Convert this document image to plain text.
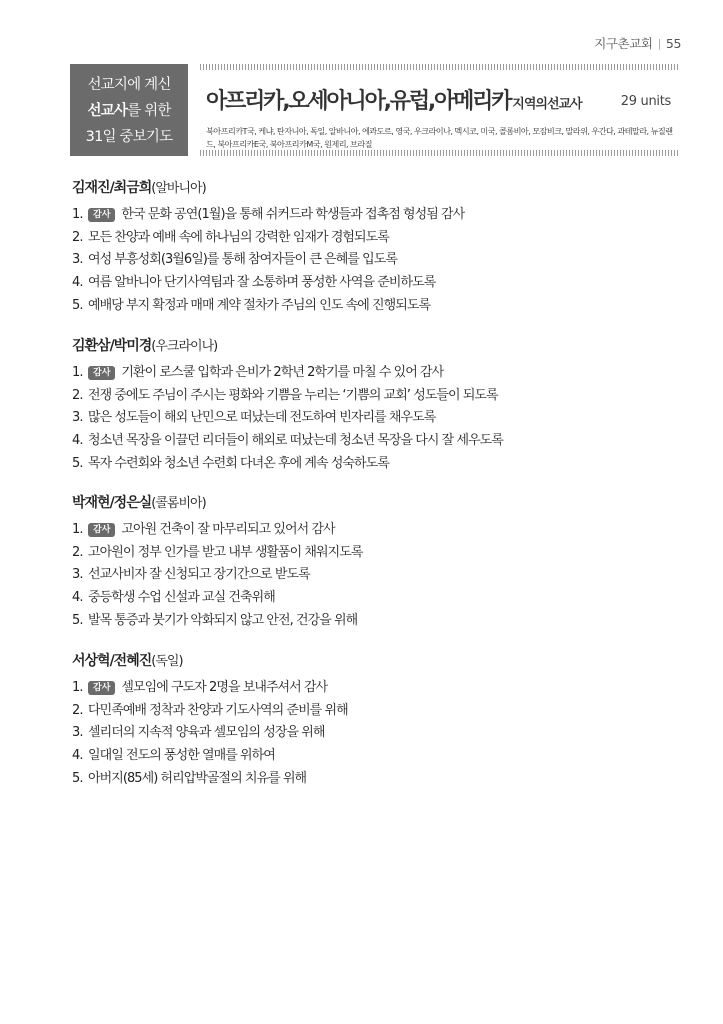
지구촌교회 | 55
선교지에 계신
선교사를 위한
31일 중보기도
아프리카,오세아니아,유럽,아메리카 지역의선교사	29 units
북아프리카T국, 케냐, 탄자니아, 독일, 알바니아, 에콰도르, 영국, 우크라이나, 멕시코, 미국, 콜롬비아, 모잠비크, 말라위, 우간다, 과테말라, 뉴질랜드, 북아프리카E국, 북아프리카M국, 원제리, 브라질
김재진/최금희(알바니아)
1.	감사 한국 문화 공연(1월)을 통해 쉬커드라 학생들과 접촉점 형성됨 감사
2. 모든 찬양과 예배 속에 하나님의 강력한 임재가 경험되도록
3. 여성 부흥성회(3월6일)를 통해 참여자들이 큰 은혜를 입도록
4. 여름 알바니아 단기사역팀과 잘 소통하며 풍성한 사역을 준비하도록
5. 예배당 부지 확정과 매매 계약 절차가 주님의 인도 속에 진행되도록
김환삼/박미경(우크라이나)
1.	감사 기환이 로스쿨 입학과 은비가 2학년 2학기를 마칠 수 있어 감사
2. 전쟁 중에도 주님이 주시는 평화와 기쁨을 누리는 ‘기쁨의 교회’ 성도들이 되도록
3. 많은 성도들이 해외 난민으로 떠났는데 전도하여 빈자리를 채우도록
4. 청소년 목장을 이끌던 리더들이 해외로 떠났는데 청소년 목장을 다시 잘 세우도록
5. 목자 수련회와 청소년 수련회 다녀온 후에 계속 성숙하도록
박재현/정은실(콜롬비아)
1.	감사 고아원 건축이 잘 마무리되고 있어서 감사
2. 고아원이 정부 인가를 받고 내부 생활품이 채워지도록
3. 선교사비자 잘 신청되고 장기간으로 받도록
4. 중등학생 수업 신설과 교실 건축위해
5. 발목 통증과 붓기가 악화되지 않고 안전, 건강을 위해
서상혁/전혜진(독일)
1.	감사 셀모임에 구도자 2명을 보내주셔서 감사
2. 다민족예배 정착과 찬양과 기도사역의 준비를 위해
3. 셀리더의 지속적 양육과 셀모임의 성장을 위해
4. 일대일 전도의 풍성한 열매를 위하여
5. 아버지(85세) 허리압박골절의 치유를 위해
